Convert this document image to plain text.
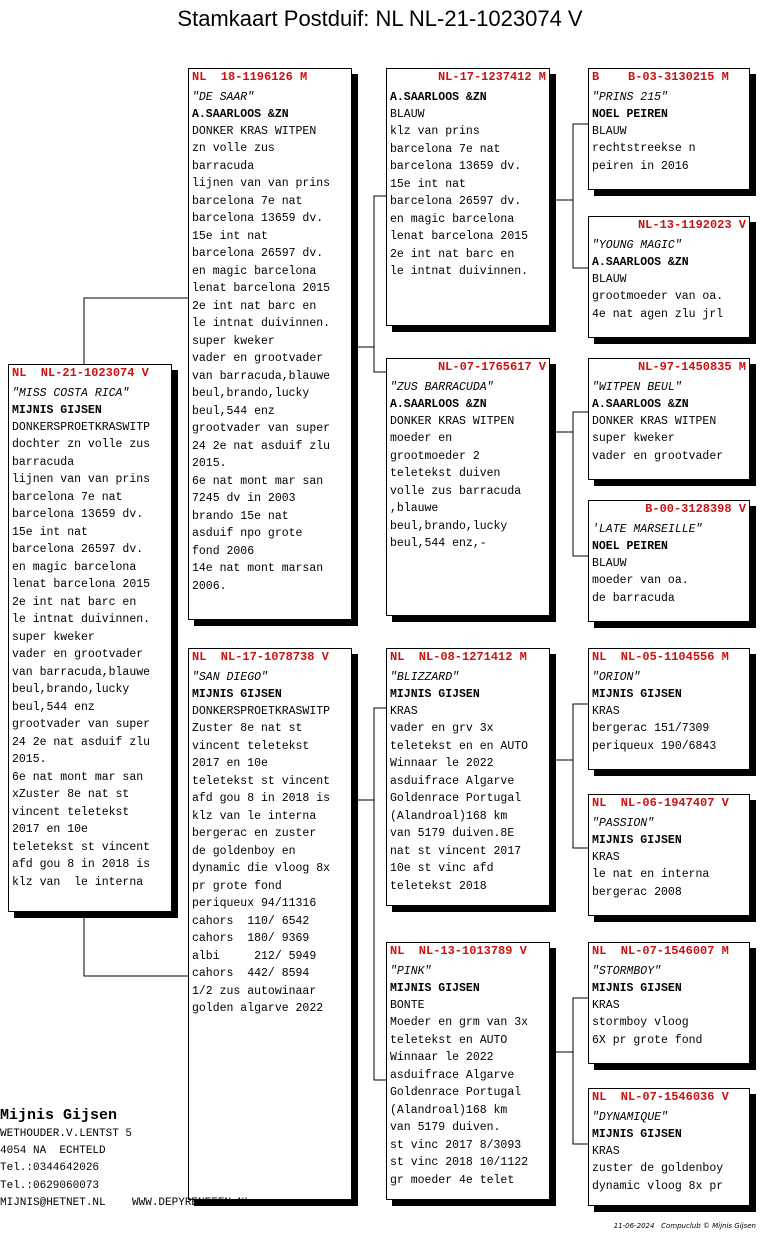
Stamkaart Postduif: NL NL-21-1023074 V
NL  NL-21-1023074 V
"MISS COSTA RICA"
MIJNIS GIJSEN
DONKERSPROETKRASWITP
dochter zn volle zus
barracuda
lijnen van van prins
barcelona 7e nat
barcelona 13659 dv.
15e int nat
barcelona 26597 dv.
en magic barcelona
lenat barcelona 2015
2e int nat barc en
le intnat duivinnen.
super kweker
vader en grootvader
van barracuda,blauwe
beul,brando,lucky
beul,544 enz
grootvader van super
24 2e nat asduif zlu
2015.
6e nat mont mar san
xZuster 8e nat st
vincent teletekst
2017 en 10e
teletekst st vincent
afd gou 8 in 2018 is
klz van  le interna
NL  18-1196126 M
"DE SAAR"
A.SAARLOOS &ZN
DONKER KRAS WITPEN
zn volle zus
barracuda
lijnen van van prins
barcelona 7e nat
barcelona 13659 dv.
15e int nat
barcelona 26597 dv.
en magic barcelona
lenat barcelona 2015
2e int nat barc en
le intnat duivinnen.
super kweker
vader en grootvader
van barracuda,blauwe
beul,brando,lucky
beul,544 enz
grootvader van super
24 2e nat asduif zlu
2015.
6e nat mont mar san
7245 dv in 2003
brando 15e nat
asduif npo grote
fond 2006
14e nat mont marsan
2006.
NL  NL-17-1078738 V
"SAN DIEGO"
MIJNIS GIJSEN
DONKERSPROETKRASWITP
Zuster 8e nat st
vincent teletekst
2017 en 10e
teletekst st vincent
afd gou 8 in 2018 is
klz van le interna
bergerac en zuster
de goldenboy en
dynamic die vloog 8x
pr grote fond
periqueux 94/11316
cahors  110/ 6542
cahors  180/ 9369
albi     212/ 5949
cahors  442/ 8594
1/2 zus autowinaar
golden algarve 2022
NL-17-1237412 M
A.SAARLOOS &ZN
BLAUW
klz van prins
barcelona 7e nat
barcelona 13659 dv.
15e int nat
barcelona 26597 dv.
en magic barcelona
lenat barcelona 2015
2e int nat barc en
le intnat duivinnen.
NL-07-1765617 V
"ZUS BARRACUDA"
A.SAARLOOS &ZN
DONKER KRAS WITPEN
moeder en
grootmoeder 2
teletekst duiven
volle zus barracuda
,blauwe
beul,brando,lucky
beul,544 enz,-
NL  NL-08-1271412 M
"BLIZZARD"
MIJNIS GIJSEN
KRAS
vader en grv 3x
teletekst en en AUTO
Winnaar le 2022
asduifrace Algarve
Goldenrace Portugal
(Alandroal)168 km
van 5179 duiven.8E
nat st vincent 2017
10e st vinc afd
teletekst 2018
NL  NL-13-1013789 V
"PINK"
MIJNIS GIJSEN
BONTE
Moeder en grm van 3x
teletekst en AUTO
Winnaar le 2022
asduifrace Algarve
Goldenrace Portugal
(Alandroal)168 km
van 5179 duiven.
st vinc 2017 8/3093
st vinc 2018 10/1122
gr moeder 4e telet
B    B-03-3130215 M
"PRINS 215"
NOEL PEIREN
BLAUW
rechtstreekse n
peiren in 2016
NL-13-1192023 V
"YOUNG MAGIC"
A.SAARLOOS &ZN
BLAUW
grootmoeder van oa.
4e nat agen zlu jrl
NL-97-1450835 M
"WITPEN BEUL"
A.SAARLOOS &ZN
DONKER KRAS WITPEN
super kweker
vader en grootvader
B-00-3128398 V
'LATE MARSEILLE"
NOEL PEIREN
BLAUW
moeder van oa.
de barracuda
NL  NL-05-1104556 M
"ORION"
MIJNIS GIJSEN
KRAS
bergerac 151/7309
periqueux 190/6843
NL  NL-06-1947407 V
"PASSION"
MIJNIS GIJSEN
KRAS
le nat en interna
bergerac 2008
NL  NL-07-1546007 M
"STORMBOY"
MIJNIS GIJSEN
KRAS
stormboy vloog
6X pr grote fond
NL  NL-07-1546036 V
"DYNAMIQUE"
MIJNIS GIJSEN
KRAS
zuster de goldenboy
dynamic vloog 8x pr
Mijnis Gijsen
WETHOUDER.V.LENTST 5
4054 NA  ECHTELD
Tel.:0344642026
Tel.:0629060073
MIJNIS@HETNET.NL    WWW.DEPYRENEEEN.NL
11-06-2024   Compuclub © Mijnis Gijsen
